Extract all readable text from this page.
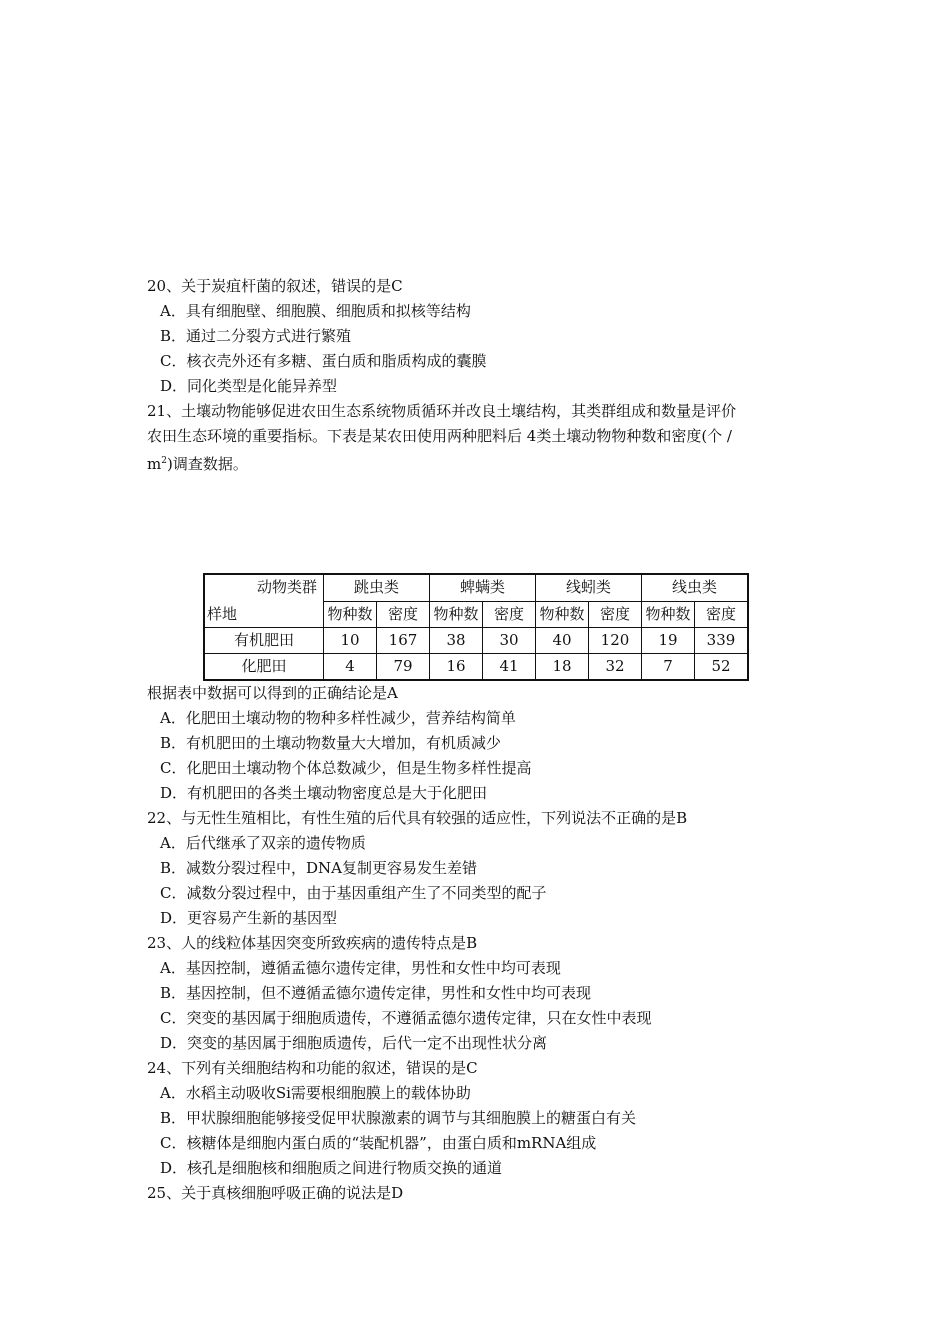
20、关于炭疽杆菌的叙述，错误的是C
A．具有细胞壁、细胞膜、细胞质和拟核等结构
B．通过二分裂方式进行繁殖
C．核衣壳外还有多糖、蛋白质和脂质构成的囊膜
D．同化类型是化能异养型
21、土壤动物能够促进农田生态系统物质循环并改良土壤结构，其类群组成和数量是评价
农田生态环境的重要指标。下表是某农田使用两种肥料后 4类土壤动物物种数和密度(个 /
$m^2$)调查数据。
动物类群
样地	跳虫类		蜱螨类		线蚓类		线虫类	
	物种数	密度	物种数	密度	物种数	密度	物种数	密度
有机肥田	10	167	38	30	40	120	19	339
化肥田	4	79	16	41	18	32	7	52
根据表中数据可以得到的正确结论是A
A．化肥田土壤动物的物种多样性减少，营养结构简单
B．有机肥田的土壤动物数量大大增加，有机质减少
C．化肥田土壤动物个体总数减少，但是生物多样性提高
D．有机肥田的各类土壤动物密度总是大于化肥田
22、与无性生殖相比，有性生殖的后代具有较强的适应性，下列说法不正确的是B
A．后代继承了双亲的遗传物质
B．减数分裂过程中，DNA复制更容易发生差错
C．减数分裂过程中，由于基因重组产生了不同类型的配子
D．更容易产生新的基因型
23、人的线粒体基因突变所致疾病的遗传特点是B
A．基因控制，遵循孟德尔遗传定律，男性和女性中均可表现
B．基因控制，但不遵循孟德尔遗传定律，男性和女性中均可表现
C．突变的基因属于细胞质遗传，不遵循孟德尔遗传定律，只在女性中表现
D．突变的基因属于细胞质遗传，后代一定不出现性状分离
24、下列有关细胞结构和功能的叙述，错误的是C
A．水稻主动吸收Si需要根细胞膜上的载体协助
B．甲状腺细胞能够接受促甲状腺激素的调节与其细胞膜上的糖蛋白有关
C．核糖体是细胞内蛋白质的“装配机器”，由蛋白质和mRNA组成
D．核孔是细胞核和细胞质之间进行物质交换的通道
25、关于真核细胞呼吸正确的说法是D
